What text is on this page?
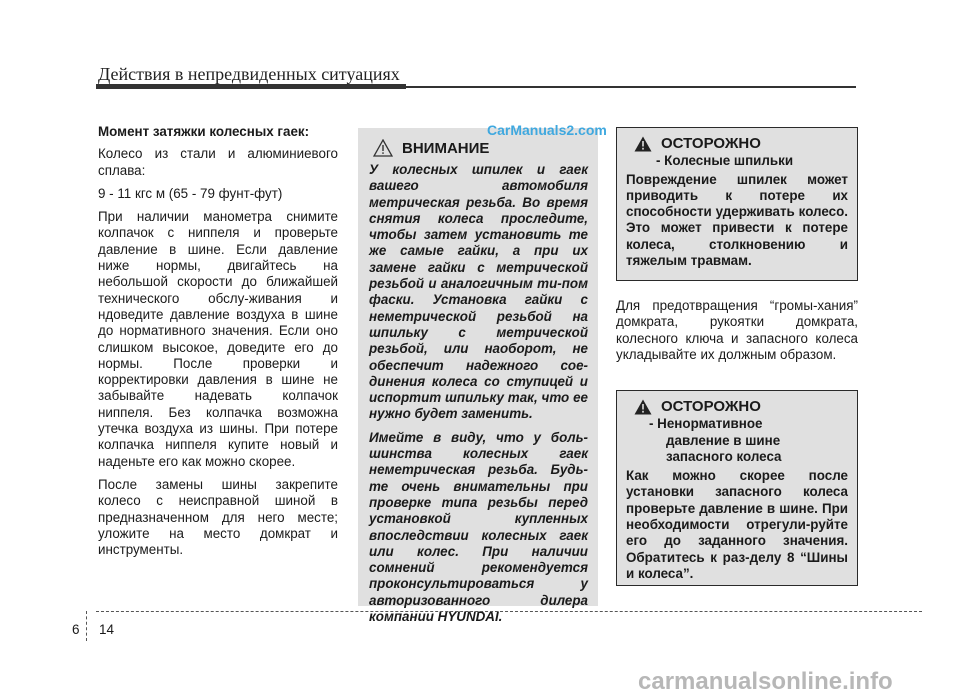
Действия в непредвиденных ситуациях

Момент затяжки колесных гаек:

Колесо из стали и алюминиевого сплава:

9 - 11 кгс м (65 - 79 фунт-фут)

При наличии манометра снимите колпачок с ниппеля и проверьте давление в шине. Если давление ниже нормы, двигайтесь на небольшой скорости до ближайшей технического обслу-живания и ндоведите давление воздуха в шине до нормативного значения. Если оно слишком высокое, доведите его до нормы. После проверки и корректировки давления в шине не забывайте надевать колпачок ниппеля. Без колпачка возможна утечка воздуха из шины. При потере колпачка ниппеля купите новый и наденьте его как можно скорее.

После замены шины закрепите колесо с неисправной шиной в предназначенном для него месте; уложите на место домкрат и инструменты.

ВНИМАНИЕ

У колесных шпилек и гаек вашего автомобиля метрическая резьба. Во время снятия колеса проследите, чтобы затем установить те же самые гайки, а при их замене гайки с метрической резьбой и аналогичным ти-пом фаски. Установка гайки с неметрической резьбой на шпильку с метрической резьбой, или наоборот, не обеспечит надежного сое-динения колеса со ступицей и испортит шпильку так, что ее нужно будет заменить.

Имейте в виду, что у боль-шинства колесных гаек неметрическая резьба. Будь-те очень внимательны при проверке типа резьбы перед установкой купленных впоследствии колесных гаек или колес. При наличии сомнений рекомендуется проконсультироваться у авторизованного дилера компании HYUNDAI.

CarManuals2.com
ОСТОРОЖНО
- Колесные шпильки
Повреждение шпилек может приводить к потере их способности удерживать колесо. Это может привести к потере колеса, столкновению и тяжелым травмам.
Для предотвращения “громы-хания” домкрата, рукоятки домкрата, колесного ключа и запасного колеса укладывайте их должным образом.
ОСТОРОЖНО
- Ненормативное
давление в шине
запасного колеса
Как можно скорее после установки запасного колеса проверьте давление в шине. При необходимости отрегули-руйте его до заданного значения. Обратитесь к раз-делу 8 “Шины и колеса”.
6 14
carmanualsonline.info
